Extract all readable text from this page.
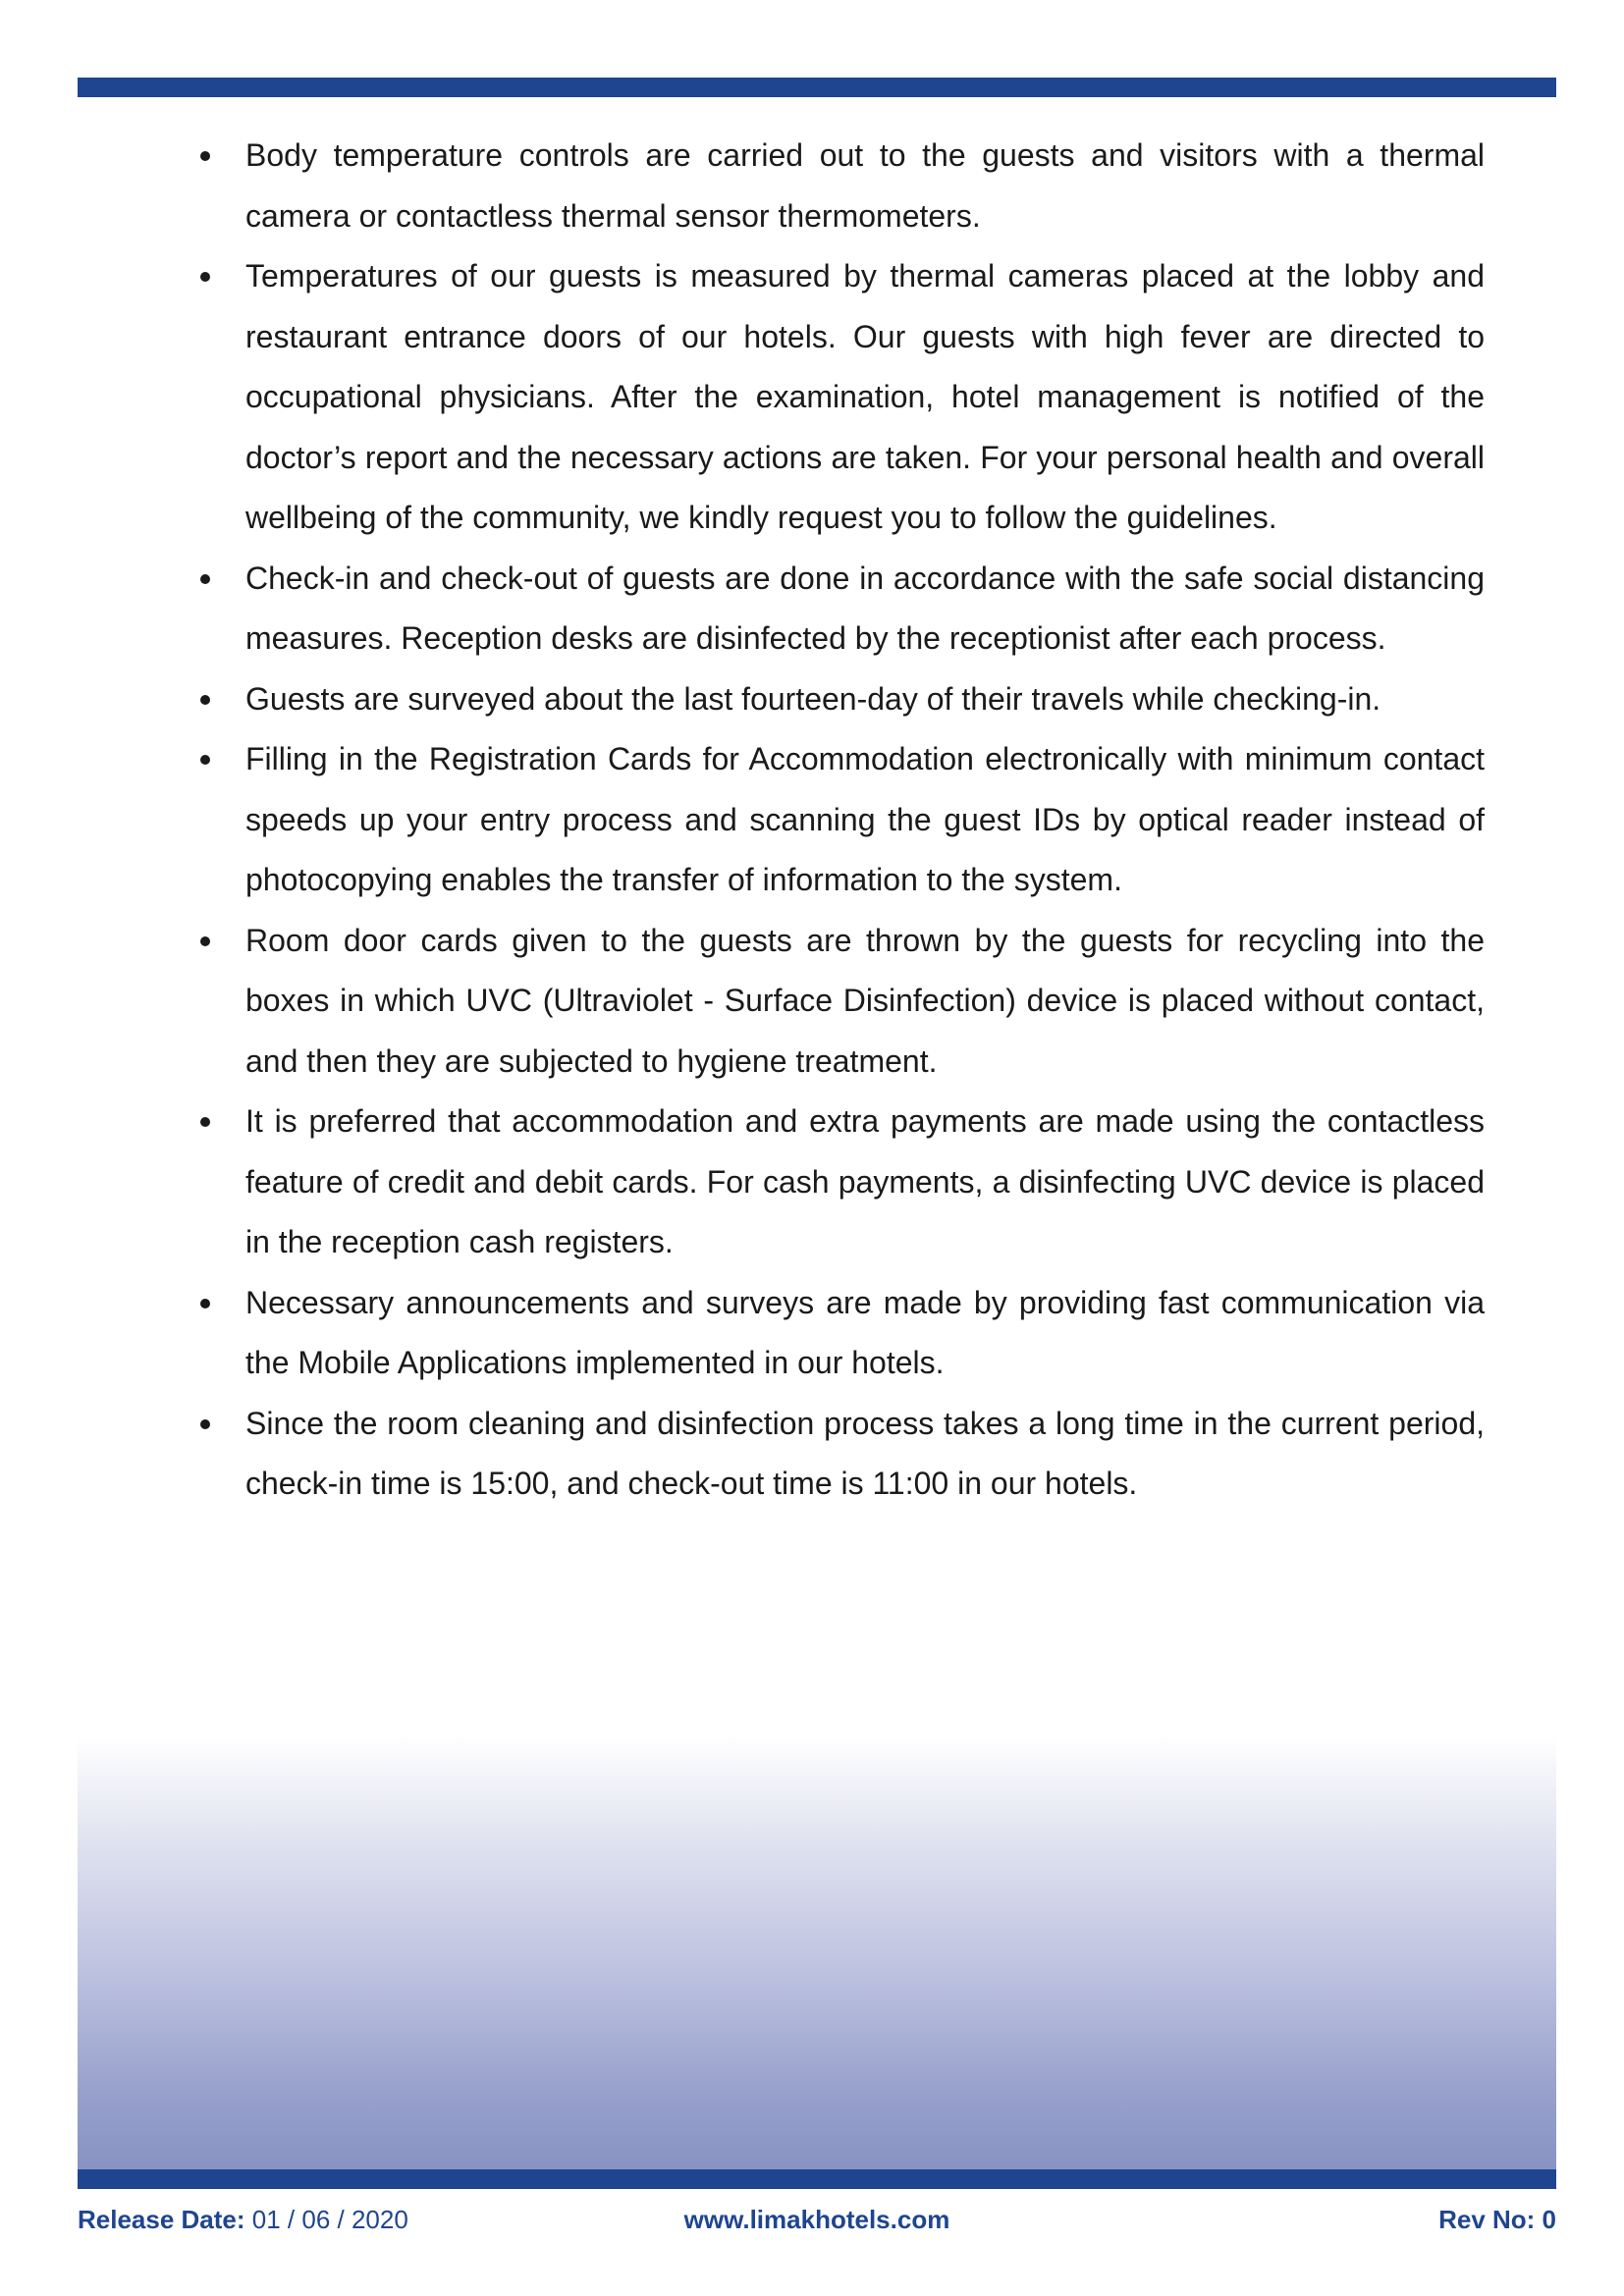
Body temperature controls are carried out to the guests and visitors with a thermal camera or contactless thermal sensor thermometers.
Temperatures of our guests is measured by thermal cameras placed at the lobby and restaurant entrance doors of our hotels. Our guests with high fever are directed to occupational physicians. After the examination, hotel management is notified of the doctor’s report and the necessary actions are taken. For your personal health and overall wellbeing of the community, we kindly request you to follow the guidelines.
Check-in and check-out of guests are done in accordance with the safe social distancing measures. Reception desks are disinfected by the receptionist after each process.
Guests are surveyed about the last fourteen-day of their travels while checking-in.
Filling in the Registration Cards for Accommodation electronically with minimum contact speeds up your entry process and scanning the guest IDs by optical reader instead of photocopying enables the transfer of information to the system.
Room door cards given to the guests are thrown by the guests for recycling into the boxes in which UVC (Ultraviolet - Surface Disinfection) device is placed without contact, and then they are subjected to hygiene treatment.
It is preferred that accommodation and extra payments are made using the contactless feature of credit and debit cards. For cash payments, a disinfecting UVC device is placed in the reception cash registers.
Necessary announcements and surveys are made by providing fast communication via the Mobile Applications implemented in our hotels.
Since the room cleaning and disinfection process takes a long time in the current period, check-in time is 15:00, and check-out time is 11:00 in our hotels.
Release Date: 01 / 06 / 2020	www.limakhotels.com	Rev No: 0
